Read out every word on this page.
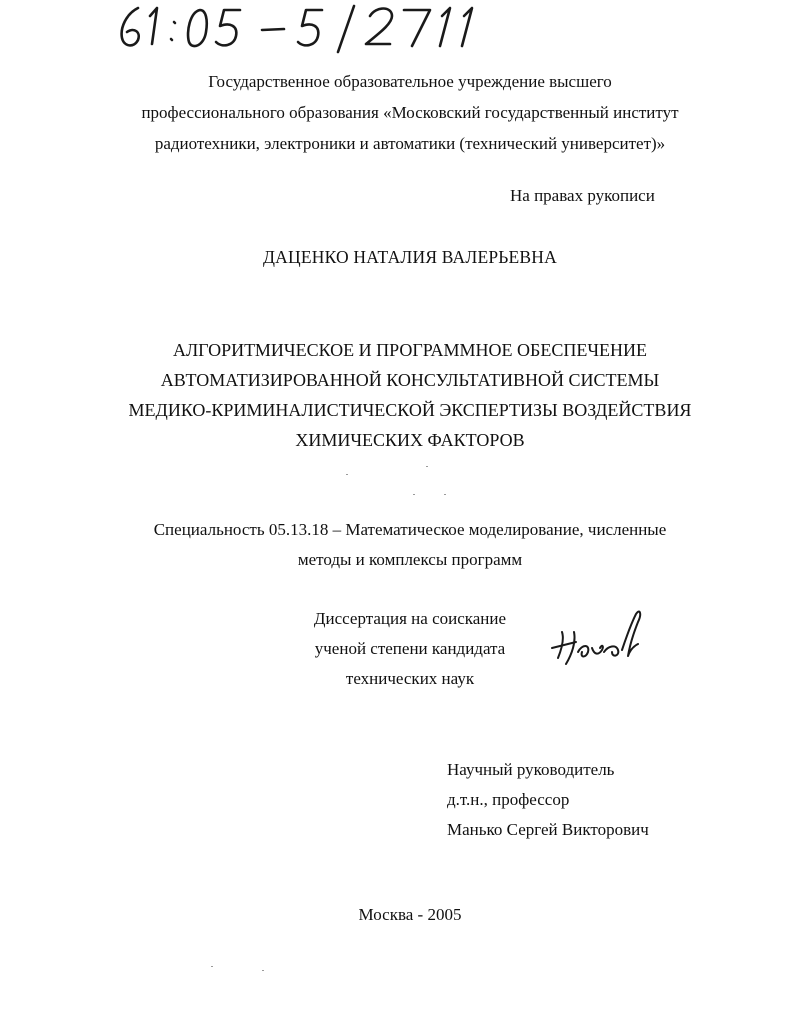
Государственное образовательное учреждение высшего
профессионального образования «Московский государственный институт
радиотехники, электроники и автоматики (технический университет)»
На правах рукописи
ДАЦЕНКО НАТАЛИЯ ВАЛЕРЬЕВНА
АЛГОРИТМИЧЕСКОЕ И ПРОГРАММНОЕ ОБЕСПЕЧЕНИЕ
АВТОМАТИЗИРОВАННОЙ КОНСУЛЬТАТИВНОЙ СИСТЕМЫ
МЕДИКО-КРИМИНАЛИСТИЧЕСКОЙ ЭКСПЕРТИЗЫ ВОЗДЕЙСТВИЯ
ХИМИЧЕСКИХ ФАКТОРОВ
Специальность 05.13.18 – Математическое моделирование, численные
методы и комплексы программ
Диссертация на соискание
ученой степени кандидата
технических наук
Научный руководитель
д.т.н., профессор
Манько Сергей Викторович
Москва - 2005
